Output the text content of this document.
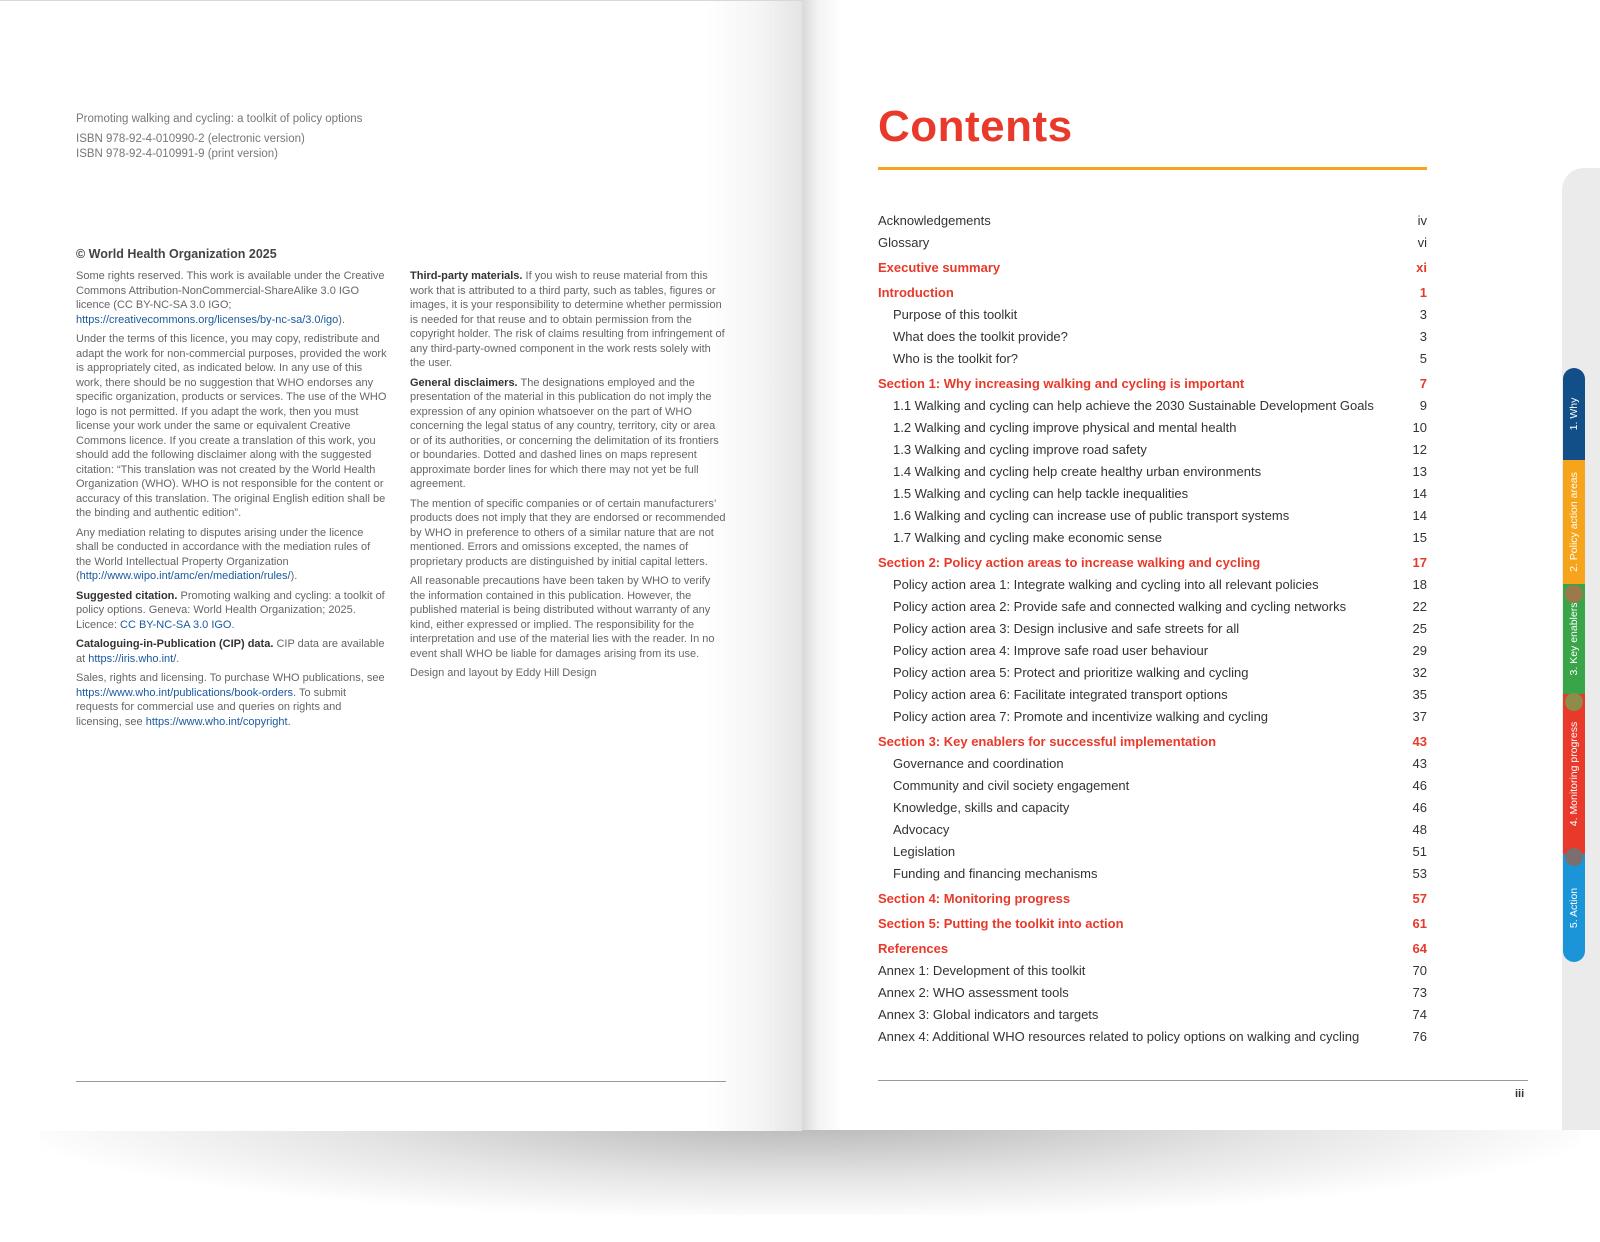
Promoting walking and cycling: a toolkit of policy options
ISBN 978-92-4-010990-2 (electronic version)
ISBN 978-92-4-010991-9 (print version)
© World Health Organization 2025

Some rights reserved. This work is available under the Creative Commons Attribution-NonCommercial-ShareAlike 3.0 IGO licence (CC BY-NC-SA 3.0 IGO; https://creativecommons.org/licenses/by-nc-sa/3.0/igo).

Under the terms of this licence, you may copy, redistribute and adapt the work for non-commercial purposes, provided the work is appropriately cited, as indicated below. In any use of this work, there should be no suggestion that WHO endorses any specific organization, products or services. The use of the WHO logo is not permitted. If you adapt the work, then you must license your work under the same or equivalent Creative Commons licence. If you create a translation of this work, you should add the following disclaimer along with the suggested citation: “This translation was not created by the World Health Organization (WHO). WHO is not responsible for the content or accuracy of this translation. The original English edition shall be the binding and authentic edition”.

Any mediation relating to disputes arising under the licence shall be conducted in accordance with the mediation rules of the World Intellectual Property Organization (http://www.wipo.int/amc/en/mediation/rules/).

Suggested citation. Promoting walking and cycling: a toolkit of policy options. Geneva: World Health Organization; 2025. Licence: CC BY-NC-SA 3.0 IGO.

Cataloguing-in-Publication (CIP) data. CIP data are available at https://iris.who.int/.

Sales, rights and licensing. To purchase WHO publications, see https://www.who.int/publications/book-orders. To submit requests for commercial use and queries on rights and licensing, see https://www.who.int/copyright.

Third-party materials. If you wish to reuse material from this work that is attributed to a third party, such as tables, figures or images, it is your responsibility to determine whether permission is needed for that reuse and to obtain permission from the copyright holder. The risk of claims resulting from infringement of any third-party-owned component in the work rests solely with the user.

General disclaimers. The designations employed and the presentation of the material in this publication do not imply the expression of any opinion whatsoever on the part of WHO concerning the legal status of any country, territory, city or area or of its authorities, or concerning the delimitation of its frontiers or boundaries. Dotted and dashed lines on maps represent approximate border lines for which there may not yet be full agreement.

The mention of specific companies or of certain manufacturers’ products does not imply that they are endorsed or recommended by WHO in preference to others of a similar nature that are not mentioned. Errors and omissions excepted, the names of proprietary products are distinguished by initial capital letters.

All reasonable precautions have been taken by WHO to verify the information contained in this publication. However, the published material is being distributed without warranty of any kind, either expressed or implied. The responsibility for the interpretation and use of the material lies with the reader. In no event shall WHO be liable for damages arising from its use.

Design and layout by Eddy Hill Design

Contents
Acknowledgements	iv
Glossary	vi
Executive summary	xi
Introduction	1
Purpose of this toolkit	3
What does the toolkit provide?	3
Who is the toolkit for?	5
Section 1: Why increasing walking and cycling is important	7
1.1 Walking and cycling can help achieve the 2030 Sustainable Development Goals	9
1.2 Walking and cycling improve physical and mental health	10
1.3 Walking and cycling improve road safety	12
1.4 Walking and cycling help create healthy urban environments	13
1.5 Walking and cycling can help tackle inequalities	14
1.6 Walking and cycling can increase use of public transport systems	14
1.7 Walking and cycling make economic sense	15
Section 2: Policy action areas to increase walking and cycling	17
Policy action area 1: Integrate walking and cycling into all relevant policies	18
Policy action area 2: Provide safe and connected walking and cycling networks	22
Policy action area 3: Design inclusive and safe streets for all	25
Policy action area 4: Improve safe road user behaviour	29
Policy action area 5: Protect and prioritize walking and cycling	32
Policy action area 6: Facilitate integrated transport options	35
Policy action area 7: Promote and incentivize walking and cycling	37
Section 3: Key enablers for successful implementation	43
Governance and coordination	43
Community and civil society engagement	46
Knowledge, skills and capacity	46
Advocacy	48
Legislation	51
Funding and financing mechanisms	53
Section 4: Monitoring progress	57
Section 5: Putting the toolkit into action	61
References	64
Annex 1: Development of this toolkit	70
Annex 2: WHO assessment tools	73
Annex 3: Global indicators and targets	74
Annex 4: Additional WHO resources related to policy options on walking and cycling	76
iii
1. Why
2. Policy action areas
3. Key enablers
4. Monitoring progress
5. Action
